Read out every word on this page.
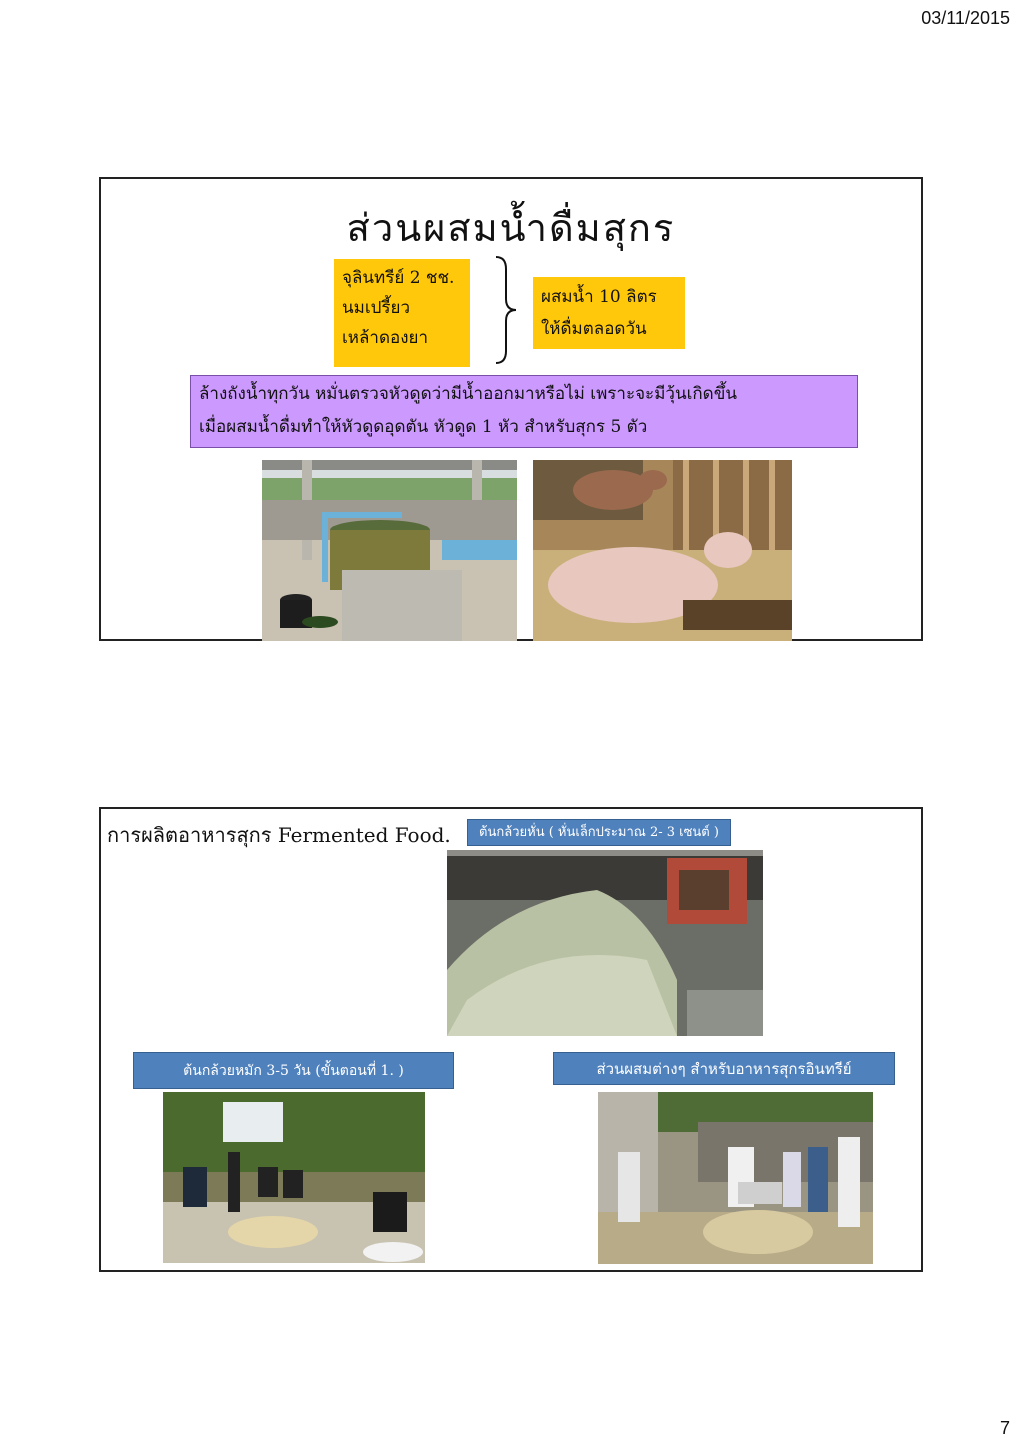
03/11/2015
ส่วนผสมน้ำดื่มสุกร
จุลินทรีย์ 2 ชช.
นมเปรี้ยว
เหล้าดองยา
ผสมน้ำ 10 ลิตร
ให้ดื่มตลอดวัน
ล้างถังน้ำทุกวัน หมั่นตรวจหัวดูดว่ามีน้ำออกมาหรือไม่ เพราะจะมีวุ้นเกิดขึ้น
เมื่อผสมน้ำดื่มทำให้หัวดูดอุดตัน หัวดูด 1 หัว สำหรับสุกร 5 ตัว
การผลิตอาหารสุกร Fermented Food.	ต้นกล้วยหั่น ( หั่นเล็กประมาณ 2- 3 เซนต์ )
ต้นกล้วยหมัก 3-5 วัน (ขั้นตอนที่ 1. )	ส่วนผสมต่างๆ สำหรับอาหารสุกรอินทรีย์
7
